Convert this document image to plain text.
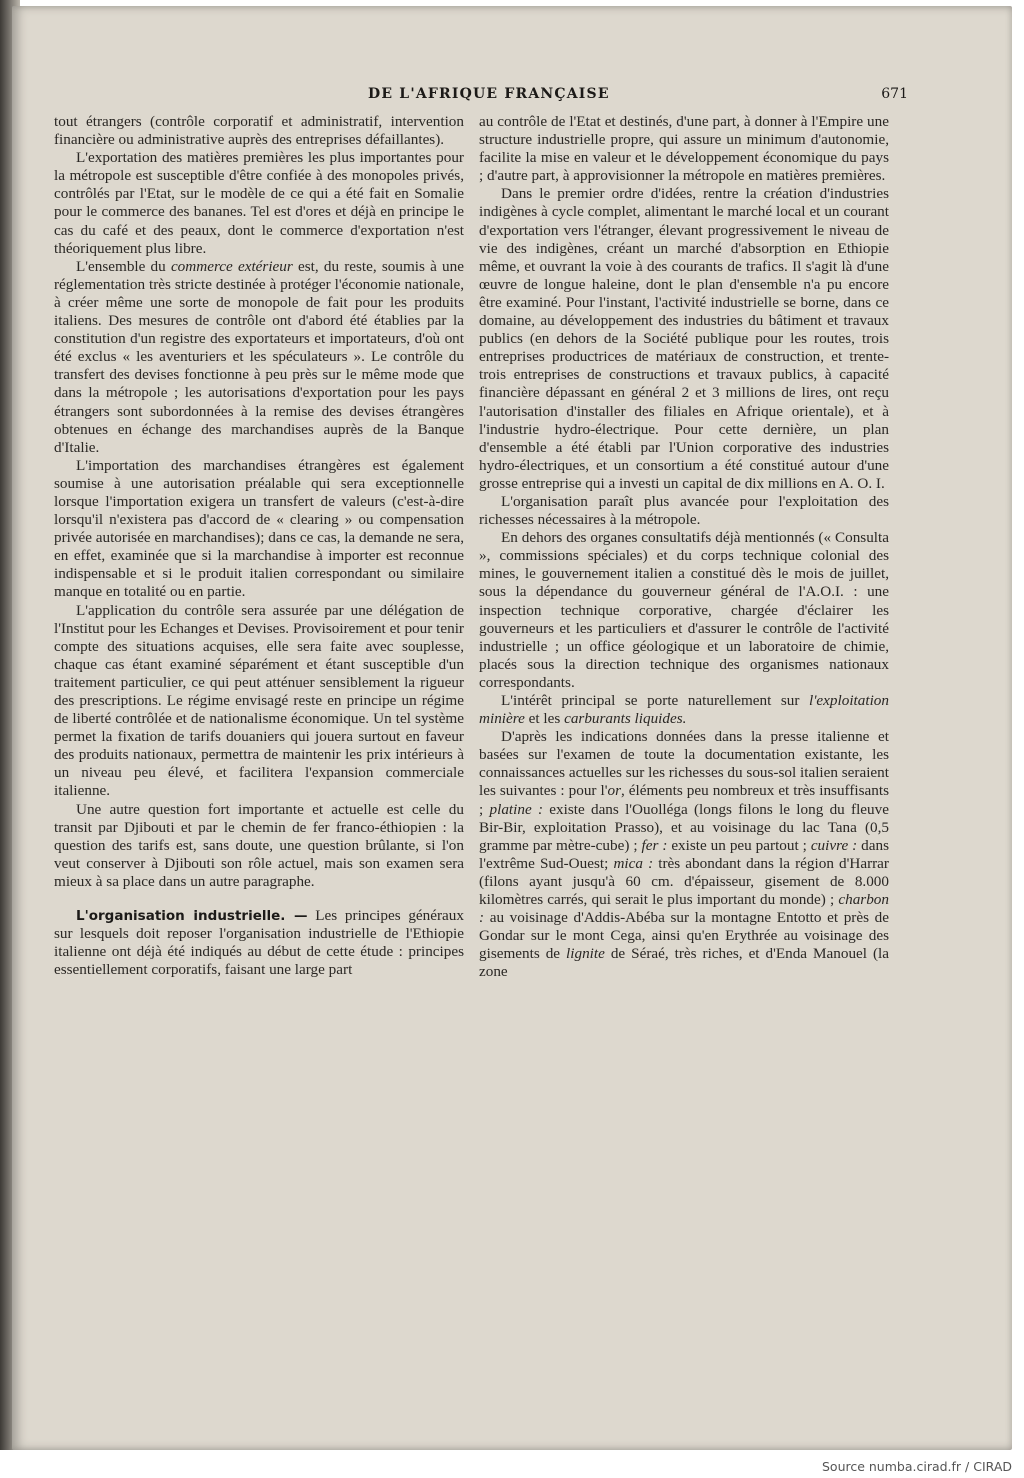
DE L'AFRIQUE FRANÇAISE	671

tout étrangers (contrôle corporatif et administratif, intervention financière ou administrative auprès des entreprises défaillantes).

L'exportation des matières premières les plus importantes pour la métropole est susceptible d'être confiée à des monopoles privés, contrôlés par l'Etat, sur le modèle de ce qui a été fait en Somalie pour le commerce des bananes. Tel est d'ores et déjà en principe le cas du café et des peaux, dont le commerce d'exportation n'est théoriquement plus libre.

L'ensemble du commerce extérieur est, du reste, soumis à une réglementation très stricte destinée à protéger l'économie nationale, à créer même une sorte de monopole de fait pour les produits italiens. Des mesures de contrôle ont d'abord été établies par la constitution d'un registre des exportateurs et importateurs, d'où ont été exclus « les aventuriers et les spéculateurs ». Le contrôle du transfert des devises fonctionne à peu près sur le même mode que dans la métropole ; les autorisations d'exportation pour les pays étrangers sont subordonnées à la remise des devises étrangères obtenues en échange des marchandises auprès de la Banque d'Italie.

L'importation des marchandises étrangères est également soumise à une autorisation préalable qui sera exceptionnelle lorsque l'importation exigera un transfert de valeurs (c'est-à-dire lorsqu'il n'existera pas d'accord de « clearing » ou compensation privée autorisée en marchandises); dans ce cas, la demande ne sera, en effet, examinée que si la marchandise à importer est reconnue indispensable et si le produit italien correspondant ou similaire manque en totalité ou en partie.

L'application du contrôle sera assurée par une délégation de l'Institut pour les Echanges et Devises. Provisoirement et pour tenir compte des situations acquises, elle sera faite avec souplesse, chaque cas étant examiné séparément et étant susceptible d'un traitement particulier, ce qui peut atténuer sensiblement la rigueur des prescriptions. Le régime envisagé reste en principe un régime de liberté contrôlée et de nationalisme économique. Un tel système permet la fixation de tarifs douaniers qui jouera surtout en faveur des produits nationaux, permettra de maintenir les prix intérieurs à un niveau peu élevé, et facilitera l'expansion commerciale italienne.

Une autre question fort importante et actuelle est celle du transit par Djibouti et par le chemin de fer franco-éthiopien : la question des tarifs est, sans doute, une question brûlante, si l'on veut conserver à Djibouti son rôle actuel, mais son examen sera mieux à sa place dans un autre paragraphe.

L'organisation industrielle. — Les principes généraux sur lesquels doit reposer l'organisation industrielle de l'Ethiopie italienne ont déjà été indiqués au début de cette étude : principes essentiellement corporatifs, faisant une large part

au contrôle de l'Etat et destinés, d'une part, à donner à l'Empire une structure industrielle propre, qui assure un minimum d'autonomie, facilite la mise en valeur et le développement économique du pays ; d'autre part, à approvisionner la métropole en matières premières.

Dans le premier ordre d'idées, rentre la création d'industries indigènes à cycle complet, alimentant le marché local et un courant d'exportation vers l'étranger, élevant progressivement le niveau de vie des indigènes, créant un marché d'absorption en Ethiopie même, et ouvrant la voie à des courants de trafics. Il s'agit là d'une œuvre de longue haleine, dont le plan d'ensemble n'a pu encore être examiné. Pour l'instant, l'activité industrielle se borne, dans ce domaine, au développement des industries du bâtiment et travaux publics (en dehors de la Société publique pour les routes, trois entreprises productrices de matériaux de construction, et trente-trois entreprises de constructions et travaux publics, à capacité financière dépassant en général 2 et 3 millions de lires, ont reçu l'autorisation d'installer des filiales en Afrique orientale), et à l'industrie hydro-électrique. Pour cette dernière, un plan d'ensemble a été établi par l'Union corporative des industries hydro-électriques, et un consortium a été constitué autour d'une grosse entreprise qui a investi un capital de dix millions en A. O. I.

L'organisation paraît plus avancée pour l'exploitation des richesses nécessaires à la métropole.

En dehors des organes consultatifs déjà mentionnés (« Consulta », commissions spéciales) et du corps technique colonial des mines, le gouvernement italien a constitué dès le mois de juillet, sous la dépendance du gouverneur général de l'A.O.I. : une inspection technique corporative, chargée d'éclairer les gouverneurs et les particuliers et d'assurer le contrôle de l'activité industrielle ; un office géologique et un laboratoire de chimie, placés sous la direction technique des organismes nationaux correspondants.

L'intérêt principal se porte naturellement sur l'exploitation minière et les carburants liquides.

D'après les indications données dans la presse italienne et basées sur l'examen de toute la documentation existante, les connaissances actuelles sur les richesses du sous-sol italien seraient les suivantes : pour l'or, éléments peu nombreux et très insuffisants ; platine : existe dans l'Ouolléga (longs filons le long du fleuve Bir-Bir, exploitation Prasso), et au voisinage du lac Tana (0,5 gramme par mètre-cube) ; fer : existe un peu partout ; cuivre : dans l'extrême Sud-Ouest; mica : très abondant dans la région d'Harrar (filons ayant jusqu'à 60 cm. d'épaisseur, gisement de 8.000 kilomètres carrés, qui serait le plus important du monde) ; charbon : au voisinage d'Addis-Abéba sur la montagne Entotto et près de Gondar sur le mont Cega, ainsi qu'en Erythrée au voisinage des gisements de lignite de Séraé, très riches, et d'Enda Manouel (la zone

Source numba.cirad.fr / CIRAD
